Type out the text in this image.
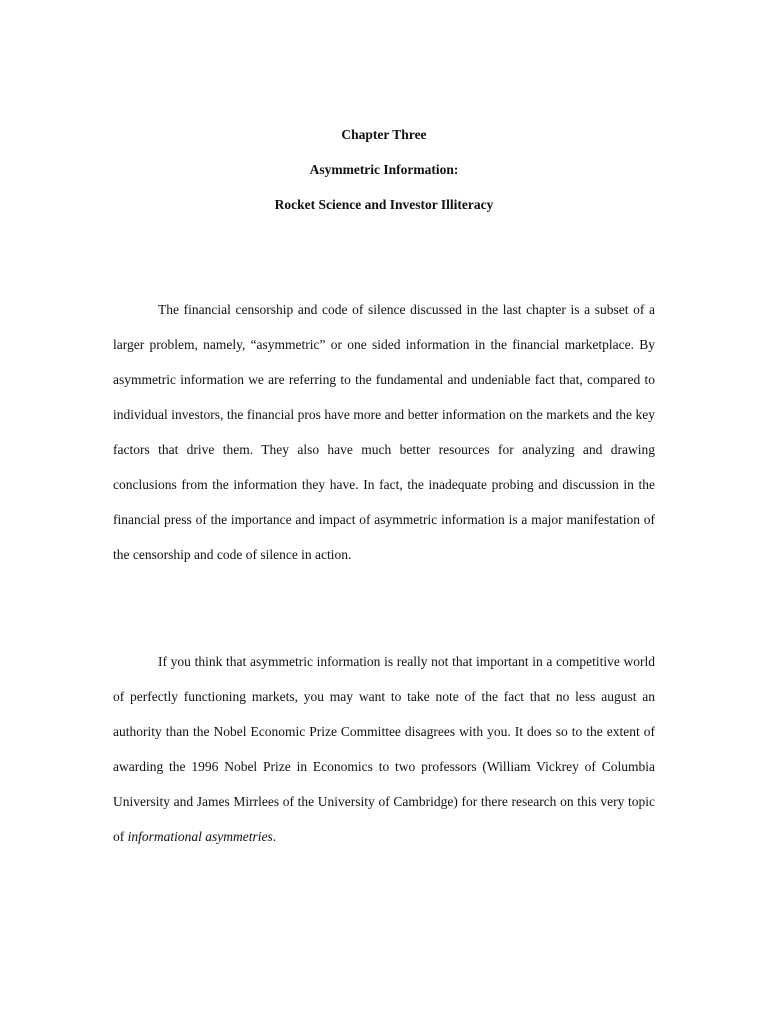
Chapter Three

Asymmetric Information:

Rocket Science and Investor Illiteracy

The financial censorship and code of silence discussed in the last chapter is a subset of a larger problem, namely, “asymmetric” or one sided information in the financial marketplace. By asymmetric information we are referring to the fundamental and undeniable fact that, compared to individual investors, the financial pros have more and better information on the markets and the key factors that drive them. They also have much better resources for analyzing and drawing conclusions from the information they have. In fact, the inadequate probing and discussion in the financial press of the importance and impact of asymmetric information is a major manifestation of the censorship and code of silence in action.

If you think that asymmetric information is really not that important in a competitive world of perfectly functioning markets, you may want to take note of the fact that no less august an authority than the Nobel Economic Prize Committee disagrees with you. It does so to the extent of awarding the 1996 Nobel Prize in Economics to two professors (William Vickrey of Columbia University and James Mirrlees of the University of Cambridge) for there research on this very topic of informational asymmetries.
